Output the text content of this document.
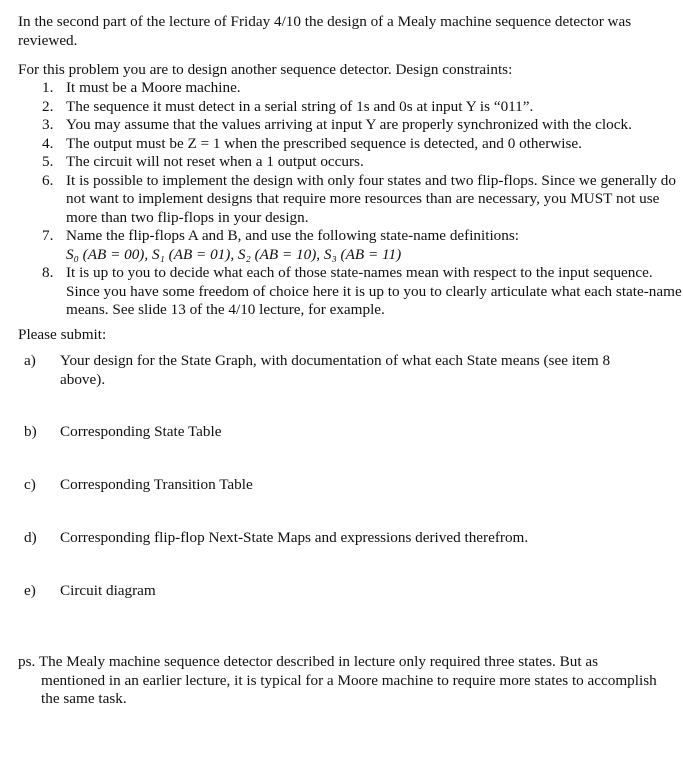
In the second part of the lecture of Friday 4/10 the design of a Mealy machine sequence detector was reviewed.

For this problem you are to design another sequence detector. Design constraints:

1. It must be a Moore machine.
2. The sequence it must detect in a serial string of 1s and 0s at input Y is “011”.
3. You may assume that the values arriving at input Y are properly synchronized with the clock.
4. The output must be Z = 1 when the prescribed sequence is detected, and 0 otherwise.
5. The circuit will not reset when a 1 output occurs.
6. It is possible to implement the design with only four states and two flip-flops. Since we generally do not want to implement designs that require more resources than are necessary, you MUST not use more than two flip-flops in your design.
7. Name the flip-flops A and B, and use the following state-name definitions:
S₀ (AB = 00), S₁ (AB = 01), S₂ (AB = 10), S₃ (AB = 11)
8. It is up to you to decide what each of those state-names mean with respect to the input sequence. Since you have some freedom of choice here it is up to you to clearly articulate what each state-name means. See slide 13 of the 4/10 lecture, for example.

Please submit:

a) Your design for the State Graph, with documentation of what each State means (see item 8 above).
b) Corresponding State Table
c) Corresponding Transition Table
d) Corresponding flip-flop Next-State Maps and expressions derived therefrom.
e) Circuit diagram

ps. The Mealy machine sequence detector described in lecture only required three states. But as
mentioned in an earlier lecture, it is typical for a Moore machine to require more states to accomplish the same task.
